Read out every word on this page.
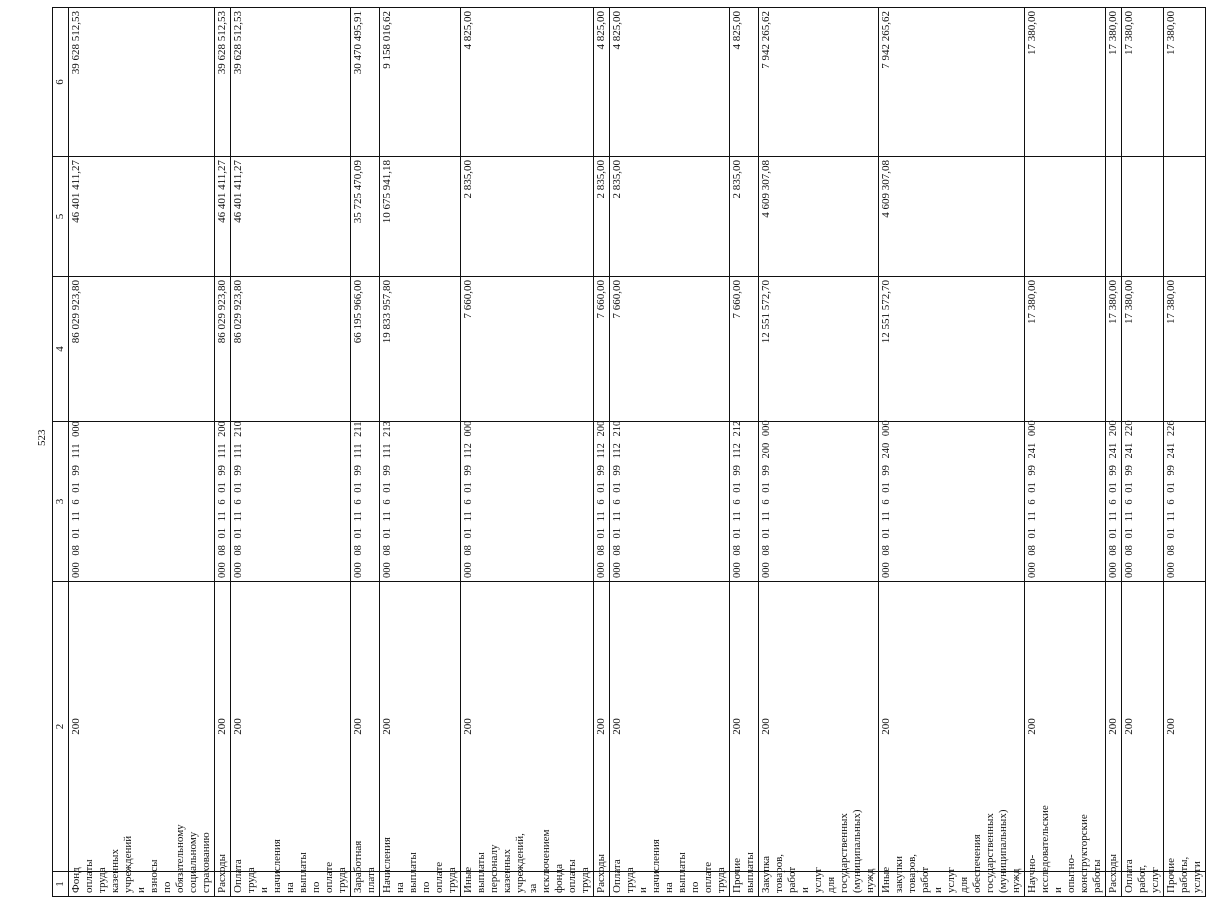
523
1	2	3	4	5	6
Фонд оплаты труда казенных учреждений и взносы по обязательному социальному страхованию	200	000 08 01 11 6 01 99 111 000	86 029 923,80	46 401 411,27	39 628 512,53
Расходы	200	000 08 01 11 6 01 99 111 200	86 029 923,80	46 401 411,27	39 628 512,53
Оплата труда и начисления на выплаты по оплате труда	200	000 08 01 11 6 01 99 111 210	86 029 923,80	46 401 411,27	39 628 512,53
Заработная плата	200	000 08 01 11 6 01 99 111 211	66 195 966,00	35 725 470,09	30 470 495,91
Начисления на выплаты по оплате труда	200	000 08 01 11 6 01 99 111 213	19 833 957,80	10 675 941,18	9 158 016,62
Иные выплаты персоналу казенных учреждений, за исключением фонда оплаты труда	200	000 08 01 11 6 01 99 112 000	7 660,00	2 835,00	4 825,00
Расходы	200	000 08 01 11 6 01 99 112 200	7 660,00	2 835,00	4 825,00
Оплата труда и начисления на выплаты по оплате труда	200	000 08 01 11 6 01 99 112 210	7 660,00	2 835,00	4 825,00
Прочие выплаты	200	000 08 01 11 6 01 99 112 212	7 660,00	2 835,00	4 825,00
Закупка товаров, работ и услуг для государственных (муниципальных) нужд	200	000 08 01 11 6 01 99 200 000	12 551 572,70	4 609 307,08	7 942 265,62
Иные закупки товаров, работ и услуг для обеспечения государственных (муниципальных) нужд	200	000 08 01 11 6 01 99 240 000	12 551 572,70	4 609 307,08	7 942 265,62
Научно-исследовательские и опытно-конструкторские работы	200	000 08 01 11 6 01 99 241 000	17 380,00		17 380,00
Расходы	200	000 08 01 11 6 01 99 241 200	17 380,00		17 380,00
Оплата работ, услуг	200	000 08 01 11 6 01 99 241 220	17 380,00		17 380,00
Прочие работы, услуги	200	000 08 01 11 6 01 99 241 226	17 380,00		17 380,00
